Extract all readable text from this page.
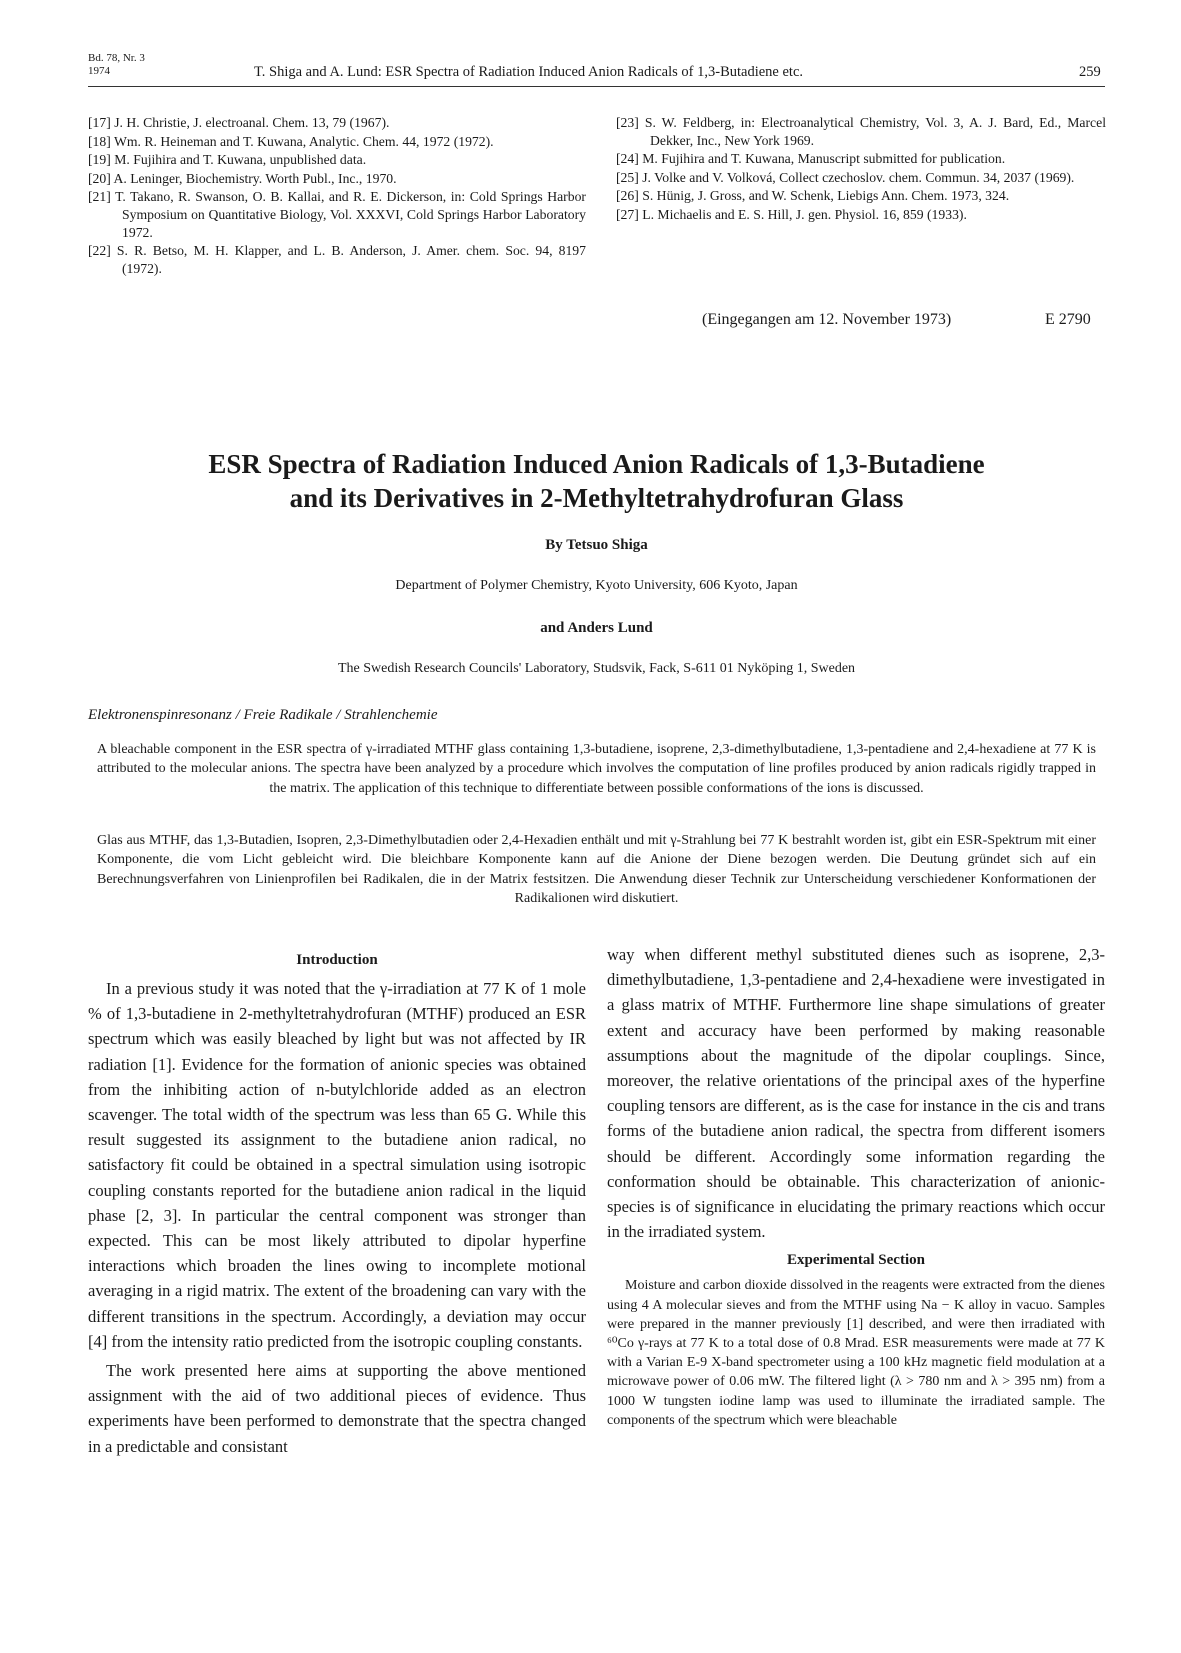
Bd. 78, Nr. 3
1974	T. Shiga and A. Lund: ESR Spectra of Radiation Induced Anion Radicals of 1,3-Butadiene etc.	259

[17] J. H. Christie, J. electroanal. Chem. 13, 79 (1967).

[18] Wm. R. Heineman and T. Kuwana, Analytic. Chem. 44, 1972 (1972).

[19] M. Fujihira and T. Kuwana, unpublished data.

[20] A. Leninger, Biochemistry. Worth Publ., Inc., 1970.

[21] T. Takano, R. Swanson, O. B. Kallai, and R. E. Dickerson, in: Cold Springs Harbor Symposium on Quantitative Biology, Vol. XXXVI, Cold Springs Harbor Laboratory 1972.

[22] S. R. Betso, M. H. Klapper, and L. B. Anderson, J. Amer. chem. Soc. 94, 8197 (1972).

[23] S. W. Feldberg, in: Electroanalytical Chemistry, Vol. 3, A. J. Bard, Ed., Marcel Dekker, Inc., New York 1969.

[24] M. Fujihira and T. Kuwana, Manuscript submitted for publication.

[25] J. Volke and V. Volková, Collect czechoslov. chem. Commun. 34, 2037 (1969).

[26] S. Hünig, J. Gross, and W. Schenk, Liebigs Ann. Chem. 1973, 324.

[27] L. Michaelis and E. S. Hill, J. gen. Physiol. 16, 859 (1933).

(Eingegangen am 12. November 1973)	E 2790
ESR Spectra of Radiation Induced Anion Radicals of 1,3-Butadiene
and its Derivatives in 2-Methyltetrahydrofuran Glass
By Tetsuo Shiga
Department of Polymer Chemistry, Kyoto University, 606 Kyoto, Japan
and Anders Lund
The Swedish Research Councils' Laboratory, Studsvik, Fack, S-611 01 Nyköping 1, Sweden
Elektronenspinresonanz / Freie Radikale / Strahlenchemie
A bleachable component in the ESR spectra of γ-irradiated MTHF glass containing 1,3-butadiene, isoprene, 2,3-dimethylbutadiene, 1,3-pentadiene and 2,4-hexadiene at 77 K is attributed to the molecular anions. The spectra have been analyzed by a procedure which involves the computation of line profiles produced by anion radicals rigidly trapped in the matrix. The application of this technique to differentiate between possible conformations of the ions is discussed.
Glas aus MTHF, das 1,3-Butadien, Isopren, 2,3-Dimethylbutadien oder 2,4-Hexadien enthält und mit γ-Strahlung bei 77 K bestrahlt worden ist, gibt ein ESR-Spektrum mit einer Komponente, die vom Licht gebleicht wird. Die bleichbare Komponente kann auf die Anione der Diene bezogen werden. Die Deutung gründet sich auf ein Berechnungsverfahren von Linienprofilen bei Radikalen, die in der Matrix festsitzen. Die Anwendung dieser Technik zur Unterscheidung verschiedener Konformationen der Radikalionen wird diskutiert.
Introduction

In a previous study it was noted that the γ-irradiation at 77 K of 1 mole % of 1,3-butadiene in 2-methyltetrahydrofuran (MTHF) produced an ESR spectrum which was easily bleached by light but was not affected by IR radiation [1]. Evidence for the formation of anionic species was obtained from the inhibiting action of n-butylchloride added as an electron scavenger. The total width of the spectrum was less than 65 G. While this result suggested its assignment to the butadiene anion radical, no satisfactory fit could be obtained in a spectral simulation using isotropic coupling constants reported for the butadiene anion radical in the liquid phase [2, 3]. In particular the central component was stronger than expected. This can be most likely attributed to dipolar hyperfine interactions which broaden the lines owing to incomplete motional averaging in a rigid matrix. The extent of the broadening can vary with the different transitions in the spectrum. Accordingly, a deviation may occur [4] from the intensity ratio predicted from the isotropic coupling constants.

The work presented here aims at supporting the above mentioned assignment with the aid of two additional pieces of evidence. Thus experiments have been performed to demonstrate that the spectra changed in a predictable and consistant

way when different methyl substituted dienes such as isoprene, 2,3-dimethylbutadiene, 1,3-pentadiene and 2,4-hexadiene were investigated in a glass matrix of MTHF. Furthermore line shape simulations of greater extent and accuracy have been performed by making reasonable assumptions about the magnitude of the dipolar couplings. Since, moreover, the relative orientations of the principal axes of the hyperfine coupling tensors are different, as is the case for instance in the cis and trans forms of the butadiene anion radical, the spectra from different isomers should be different. Accordingly some information regarding the conformation should be obtainable. This characterization of anionic-species is of significance in elucidating the primary reactions which occur in the irradiated system.

Experimental Section

Moisture and carbon dioxide dissolved in the reagents were extracted from the dienes using 4 A molecular sieves and from the MTHF using Na − K alloy in vacuo. Samples were prepared in the manner previously [1] described, and were then irradiated with ⁶⁰Co γ-rays at 77 K to a total dose of 0.8 Mrad. ESR measurements were made at 77 K with a Varian E-9 X-band spectrometer using a 100 kHz magnetic field modulation at a microwave power of 0.06 mW. The filtered light (λ > 780 nm and λ > 395 nm) from a 1000 W tungsten iodine lamp was used to illuminate the irradiated sample. The components of the spectrum which were bleachable
